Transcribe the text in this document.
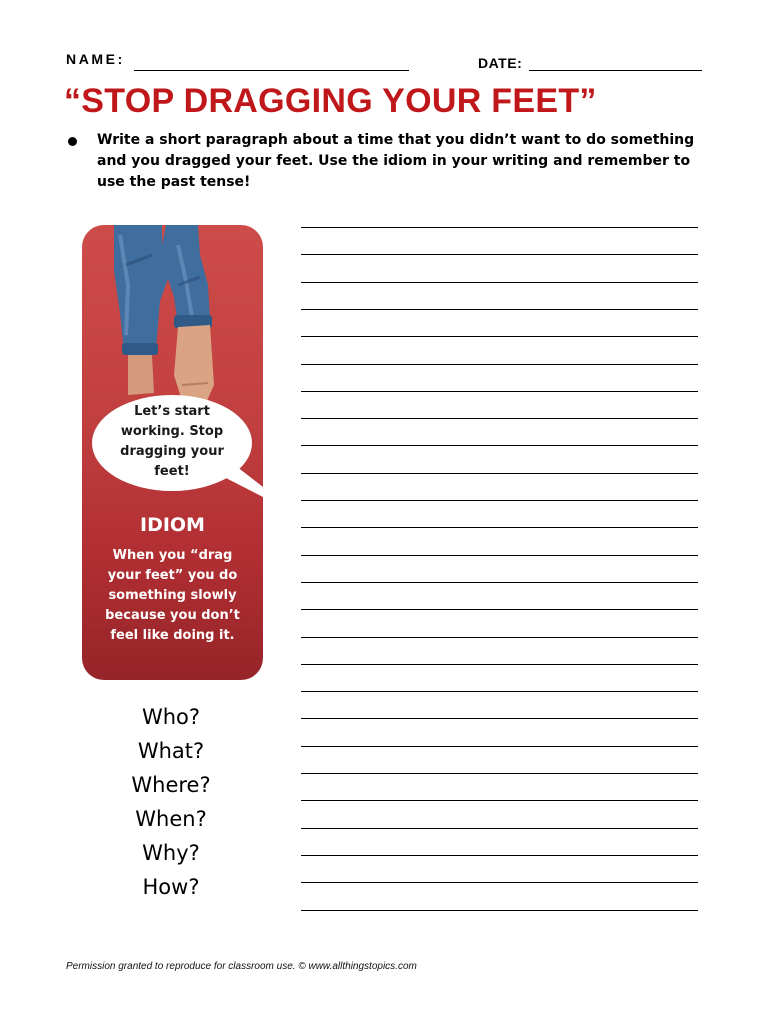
NAME:	DATE:
“STOP DRAGGING YOUR FEET”

Write a short paragraph about a time that you didn’t want to do something and you dragged your feet. Use the idiom in your writing and remember to use the past tense!

Let’s start working. Stop dragging your feet!

IDIOM

When you “drag your feet” you do something slowly because you don’t feel like doing it.

Who?
What?
Where?
When?
Why?
How?

Permission granted to reproduce for classroom use. © www.allthingstopics.com
